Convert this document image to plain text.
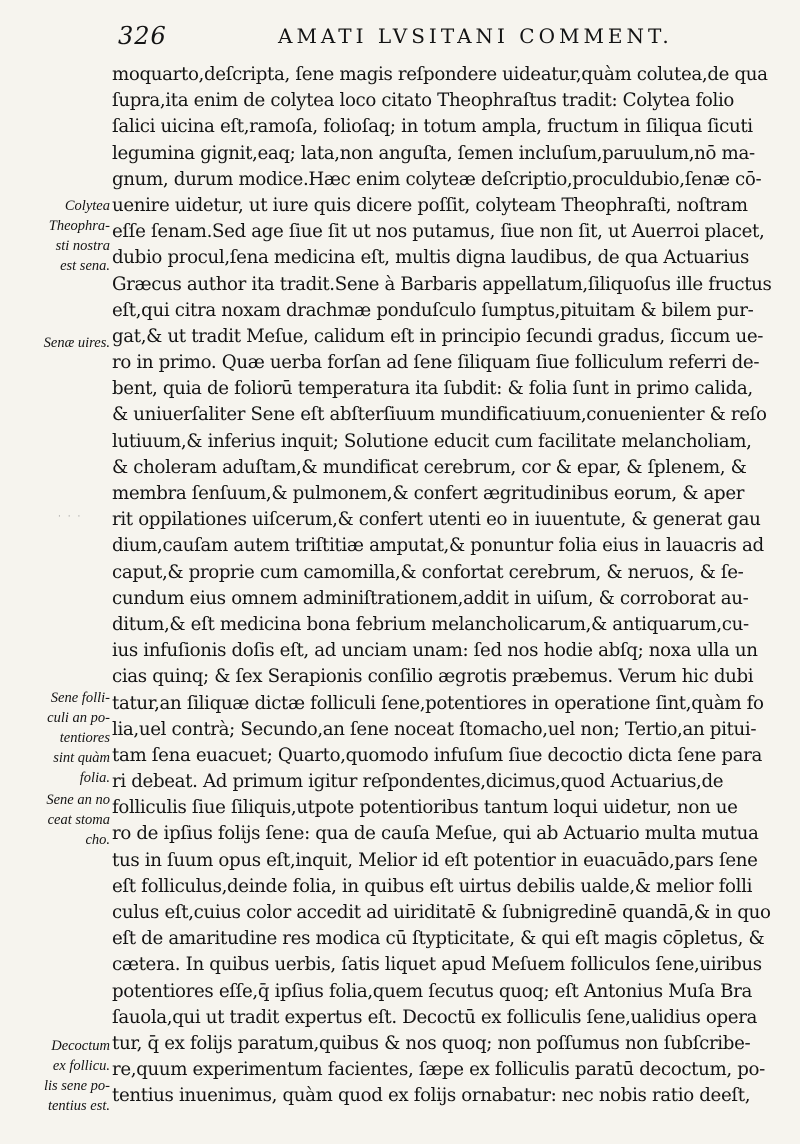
326	AMATI LVSITANI COMMENT.
moquarto,deſcripta, ſene magis reſpondere uideatur,quàm colutea,de qua
ſupra,ita enim de colytea loco citato Theophraſtus tradit: Colytea folio
ſalici uicina eſt,ramoſa, folioſaq; in totum ampla, fructum in ſiliqua ſicuti
legumina gignit,eaq; lata,non anguſta, ſemen incluſum,paruulum,nō ma-
gnum, durum modice.Hæc enim colyteæ deſcriptio,proculdubio,ſenæ cō-
uenire uidetur, ut iure quis dicere poſſit, colyteam Theophraſti, noſtram
eſſe ſenam.Sed age ſiue ſit ut nos putamus, ſiue non ſit, ut Auerroi placet,
dubio procul,ſena medicina eſt, multis digna laudibus, de qua Actuarius
Græcus author ita tradit.Sene à Barbaris appellatum,ſiliquoſus ille fructus
eſt,qui citra noxam drachmæ ponduſculo ſumptus,pituitam & bilem pur-
gat,& ut tradit Meſue, calidum eſt in principio ſecundi gradus, ſiccum ue-
ro in primo. Quæ uerba forſan ad ſene ſiliquam ſiue folliculum referri de-
bent, quia de foliorū temperatura ita ſubdit: & folia ſunt in primo calida,
& uniuerſaliter Sene eſt abſterſiuum mundificatiuum,conuenienter & reſo
lutiuum,& inferius inquit; Solutione educit cum facilitate melancholiam,
& choleram aduſtam,& mundificat cerebrum, cor & epar, & ſplenem, &
membra ſenſuum,& pulmonem,& confert ægritudinibus eorum, & aper
rit oppilationes uiſcerum,& confert utenti eo in iuuentute, & generat gau
dium,cauſam autem triſtitiæ amputat,& ponuntur folia eius in lauacris ad
caput,& proprie cum camomilla,& confortat cerebrum, & neruos, & ſe-
cundum eius omnem adminiſtrationem,addit in uiſum, & corroborat au-
ditum,& eſt medicina bona febrium melancholicarum,& antiquarum,cu-
ius infuſionis doſis eſt, ad unciam unam: ſed nos hodie abſq; noxa ulla un
cias quinq; & ſex Serapionis conſilio ægrotis præbemus. Verum hic dubi
tatur,an ſiliquæ dictæ folliculi ſene,potentiores in operatione ſint,quàm fo
lia,uel contrà; Secundo,an ſene noceat ſtomacho,uel non; Tertio,an pitui-
tam ſena euacuet; Quarto,quomodo infuſum ſiue decoctio dicta ſene para
ri debeat. Ad primum igitur reſpondentes,dicimus,quod Actuarius,de
folliculis ſiue ſiliquis,utpote potentioribus tantum loqui uidetur, non ue
ro de ipſius folijs ſene: qua de cauſa Meſue, qui ab Actuario multa mutua
tus in ſuum opus eſt,inquit, Melior id eſt potentior in euacuādo,pars ſene
eſt folliculus,deinde folia, in quibus eſt uirtus debilis ualde,& melior folli
culus eſt,cuius color accedit ad uiriditatē & ſubnigredinē quandā,& in quo
eſt de amaritudine res modica cū ſtypticitate, & qui eſt magis cōpletus, &
cætera. In quibus uerbis, ſatis liquet apud Meſuem folliculos ſene,uiribus
potentiores eſſe,q̄ ipſius folia,quem ſecutus quoq; eſt Antonius Muſa Bra
ſauola,qui ut tradit expertus eſt. Decoctū ex folliculis ſene,ualidius opera
tur, q̄ ex folijs paratum,quibus & nos quoq; non poſſumus non ſubſcribe-
re,quum experimentum facientes, ſæpe ex folliculis paratū decoctum, po-
tentius inuenimus, quàm quod ex folijs ornabatur: nec nobis ratio deeſt,
Colytea
Theophra-
sti nostra
est sena.
Senæ uires.
· · ·
Sene folli-
culi an po-
tentiores
sint quàm
folia.
Sene an no
ceat stoma
cho.
Decoctum
ex follicu.
lis sene po-
tentius est.
